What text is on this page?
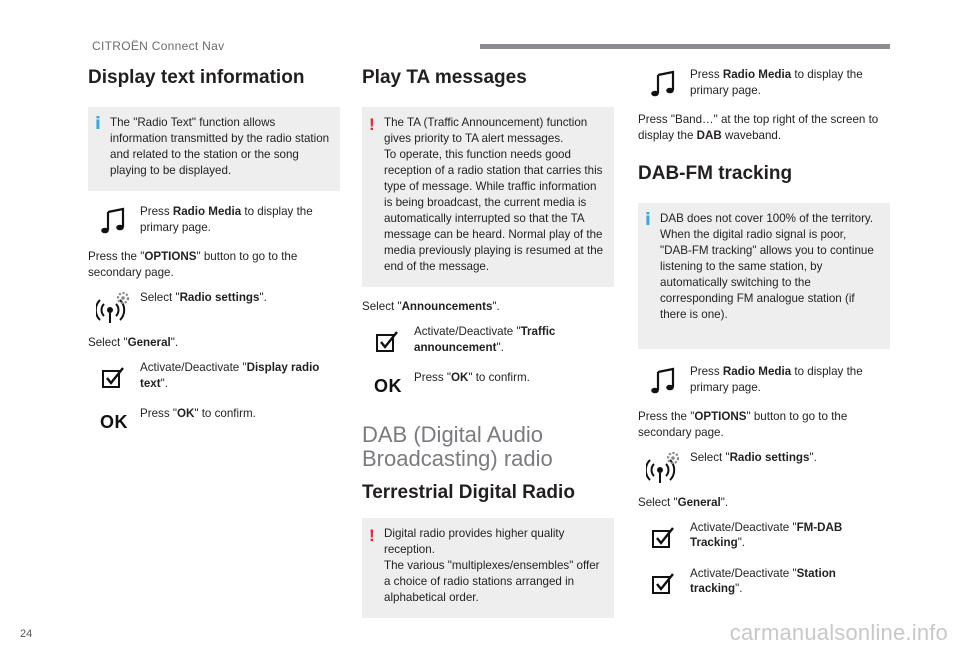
CITROËN Connect Nav
Display text information
i The "Radio Text" function allows information transmitted by the radio station and related to the station or the song playing to be displayed.

Press Radio Media to display the primary page.

Press the "OPTIONS" button to go to the secondary page.

Select "Radio settings".

Select "General".

Activate/Deactivate "Display radio text".
OK Press "OK" to confirm.
Play TA messages
! The TA (Traffic Announcement) function gives priority to TA alert messages.
To operate, this function needs good reception of a radio station that carries this type of message. While traffic information is being broadcast, the current media is automatically interrupted so that the TA message can be heard. Normal play of the media previously playing is resumed at the end of the message.

Select "Announcements".

Activate/Deactivate "Traffic announcement".
OK Press "OK" to confirm.
DAB (Digital Audio Broadcasting) radio
Terrestrial Digital Radio
! Digital radio provides higher quality reception.
The various "multiplexes/ensembles" offer a choice of radio stations arranged in alphabetical order.

Press Radio Media to display the primary page.

Press "Band…" at the top right of the screen to display the DAB waveband.

DAB-FM tracking
i DAB does not cover 100% of the territory.
When the digital radio signal is poor, "DAB-FM tracking" allows you to continue listening to the same station, by automatically switching to the corresponding FM analogue station (if there is one).

Press Radio Media to display the primary page.

Press the "OPTIONS" button to go to the secondary page.

Select "Radio settings".

Select "General".

Activate/Deactivate "FM-DAB Tracking".
Activate/Deactivate "Station tracking".
24	carmanualsonline.info
